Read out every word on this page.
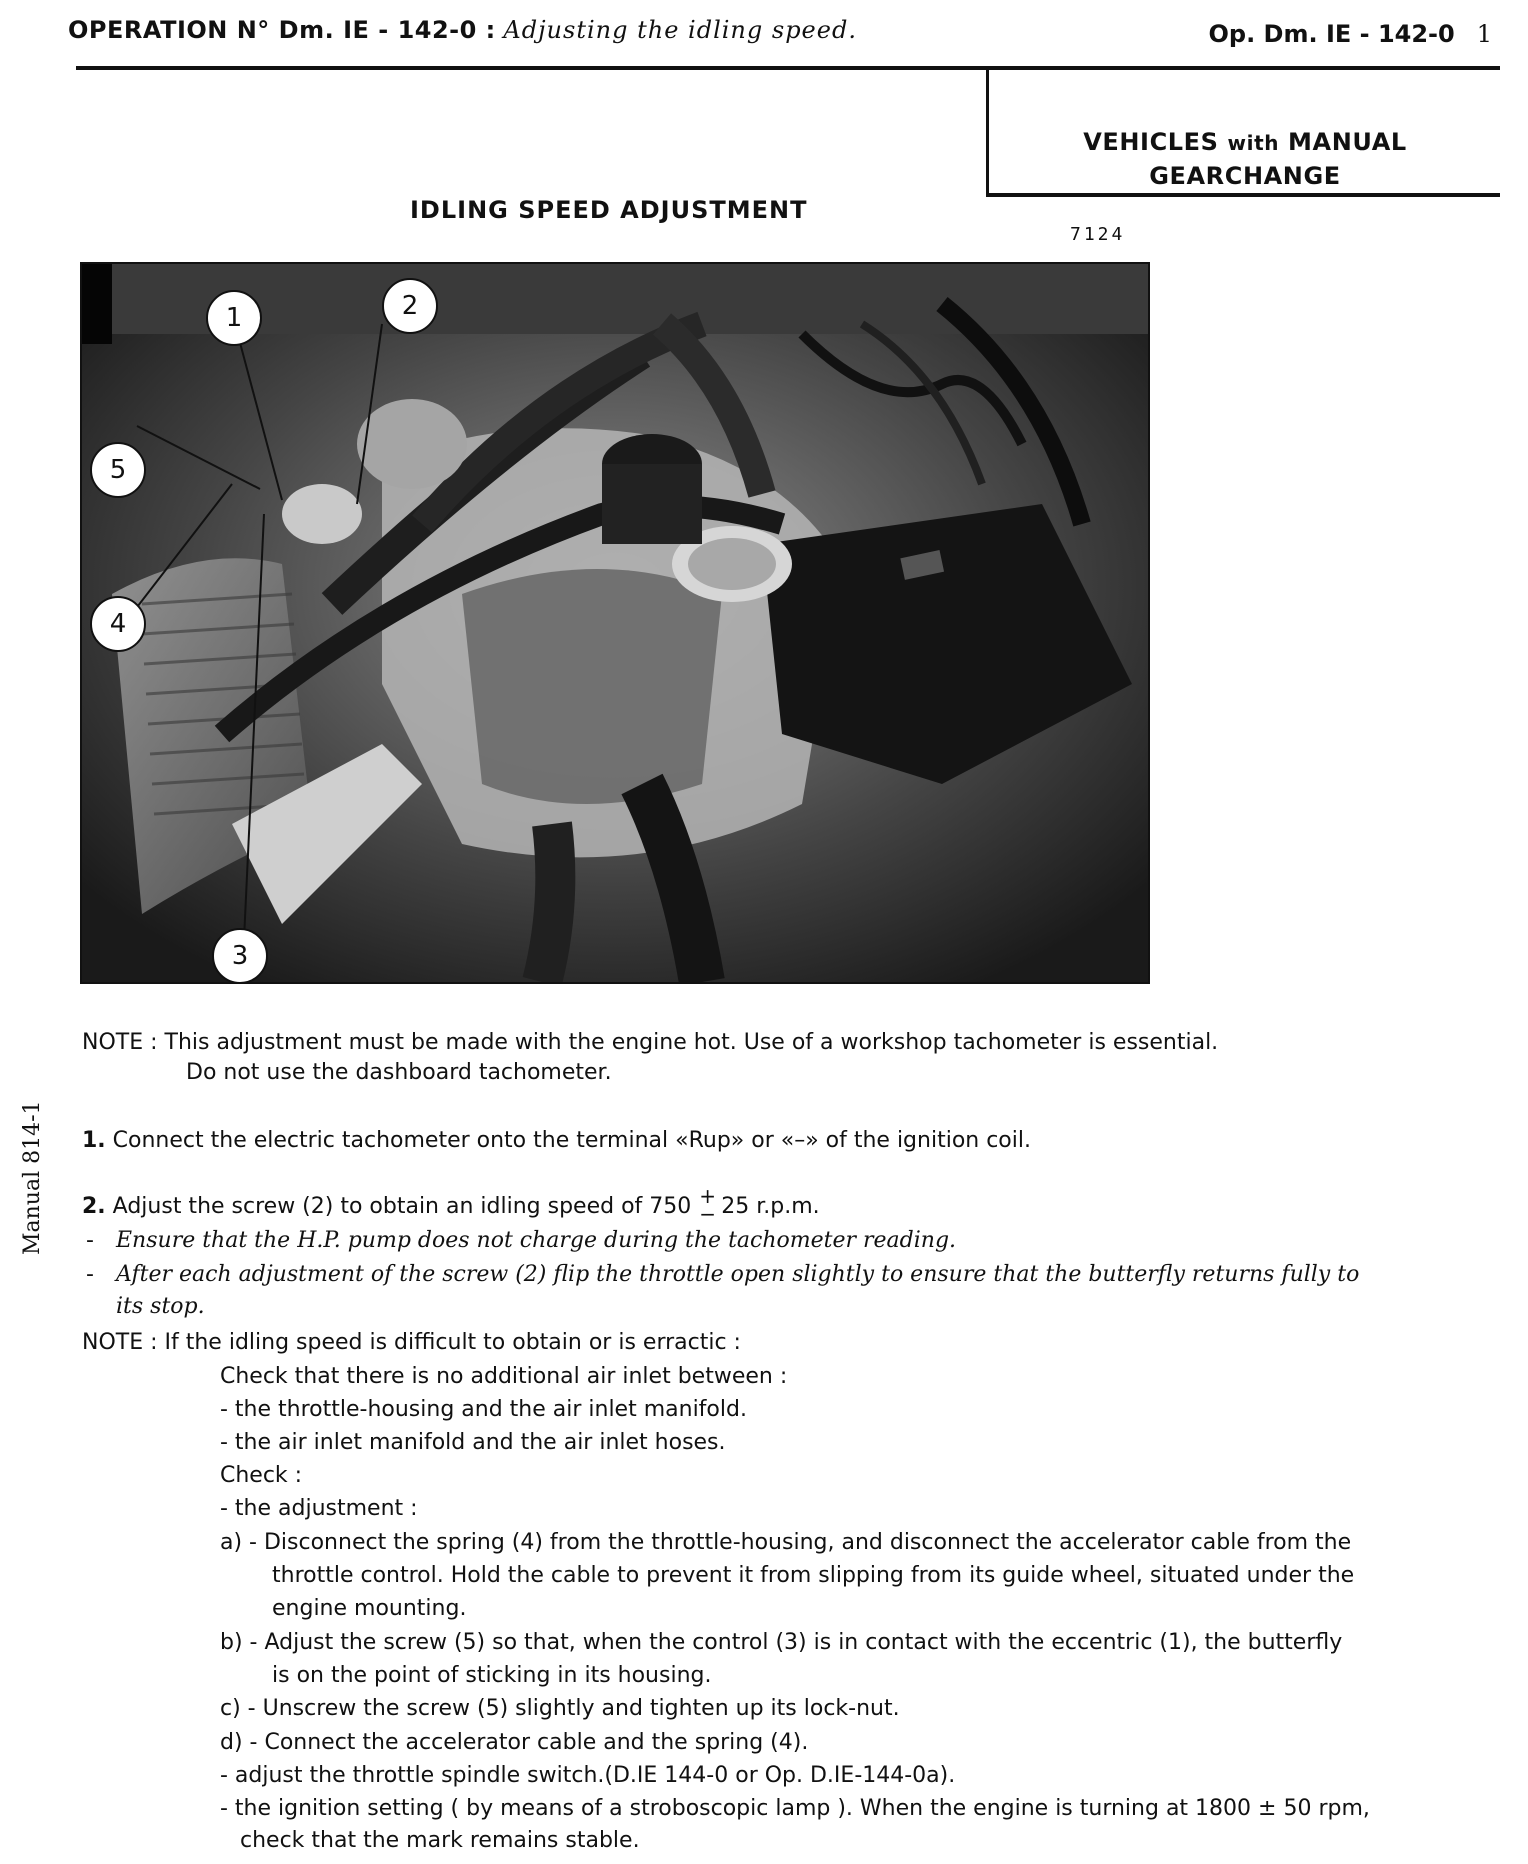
OPERATION N° Dm. IE - 142-0 : Adjusting the idling speed.	Op. Dm. IE - 142-0 1
VEHICLES with MANUAL
GEARCHANGE
IDLING SPEED ADJUSTMENT
7124
1	2
3
4
5
Manual 814-1
NOTE : This adjustment must be made with the engine hot. Use of a workshop tachometer is essential.
Do not use the dashboard tachometer.
1. Connect the electric tachometer onto the terminal «Rup» or «–» of the ignition coil.
2. Adjust the screw (2) to obtain an idling speed of 750 +
− 25 r.p.m.
- Ensure that the H.P. pump does not charge during the tachometer reading.
- After each adjustment of the screw (2) flip the throttle open slightly to ensure that the butterfly returns fully to
its stop.
NOTE : If the idling speed is difficult to obtain or is erractic :
Check that there is no additional air inlet between :
- the throttle-housing and the air inlet manifold.
- the air inlet manifold and the air inlet hoses.
Check :
- the adjustment :
a) - Disconnect the spring (4) from the throttle-housing, and disconnect the accelerator cable from the
throttle control. Hold the cable to prevent it from slipping from its guide wheel, situated under the
engine mounting.
b) - Adjust the screw (5) so that, when the control (3) is in contact with the eccentric (1), the butterfly
is on the point of sticking in its housing.
c) - Unscrew the screw (5) slightly and tighten up its lock-nut.
d) - Connect the accelerator cable and the spring (4).
- adjust the throttle spindle switch.(D.IE 144-0 or Op. D.IE-144-0a).
- the ignition setting ( by means of a stroboscopic lamp ). When the engine is turning at 1800 ± 50 rpm,
check that the mark remains stable.
